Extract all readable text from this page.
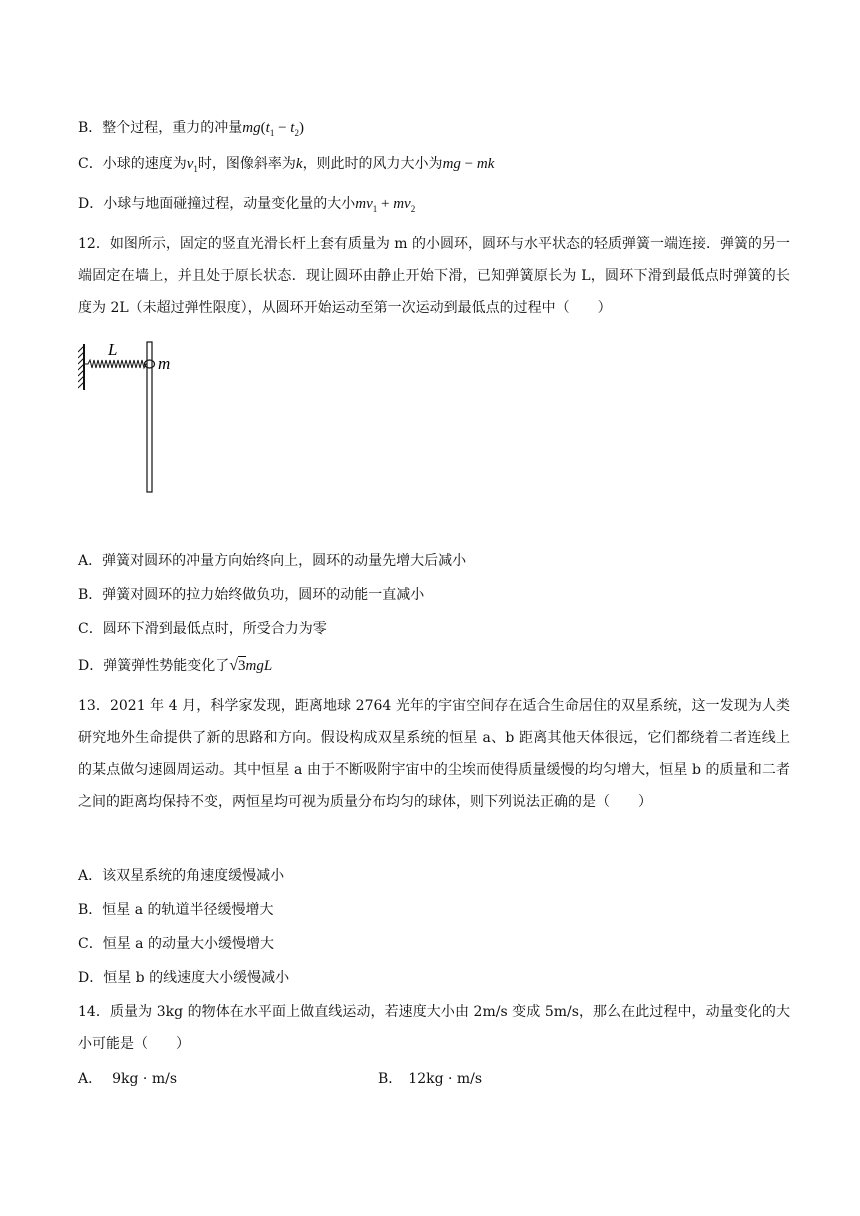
B．整个过程，重力的冲量$mg(t_1 - t_2)$
C．小球的速度为$v_1$时，图像斜率为k，则此时的风力大小为mg − mk
D．小球与地面碰撞过程，动量变化量的大小$mv_1 + mv_2$
12．如图所示，固定的竖直光滑长杆上套有质量为 m 的小圆环，圆环与水平状态的轻质弹簧一端连接．弹簧的另一端固定在墙上，并且处于原长状态．现让圆环由静止开始下滑，已知弹簧原长为 L，圆环下滑到最低点时弹簧的长度为 2L（未超过弹性限度），从圆环开始运动至第一次运动到最低点的过程中（　　）
L
m
A．弹簧对圆环的冲量方向始终向上，圆环的动量先增大后减小
B．弹簧对圆环的拉力始终做负功，圆环的动能一直减小
C．圆环下滑到最低点时，所受合力为零
D．弹簧弹性势能变化了√3mgL
13．2021 年 4 月，科学家发现，距离地球 2764 光年的宇宙空间存在适合生命居住的双星系统，这一发现为人类研究地外生命提供了新的思路和方向。假设构成双星系统的恒星 a、b 距离其他天体很远，它们都绕着二者连线上的某点做匀速圆周运动。其中恒星 a 由于不断吸附宇宙中的尘埃而使得质量缓慢的均匀增大，恒星 b 的质量和二者之间的距离均保持不变，两恒星均可视为质量分布均匀的球体，则下列说法正确的是（　　）
A．该双星系统的角速度缓慢减小
B．恒星 a 的轨道半径缓慢增大
C．恒星 a 的动量大小缓慢增大
D．恒星 b 的线速度大小缓慢减小
14．质量为 3kg 的物体在水平面上做直线运动，若速度大小由 2m/s 变成 5m/s，那么在此过程中，动量变化的大小可能是（　　）
A． 9kg · m/s	B． 12kg · m/s
